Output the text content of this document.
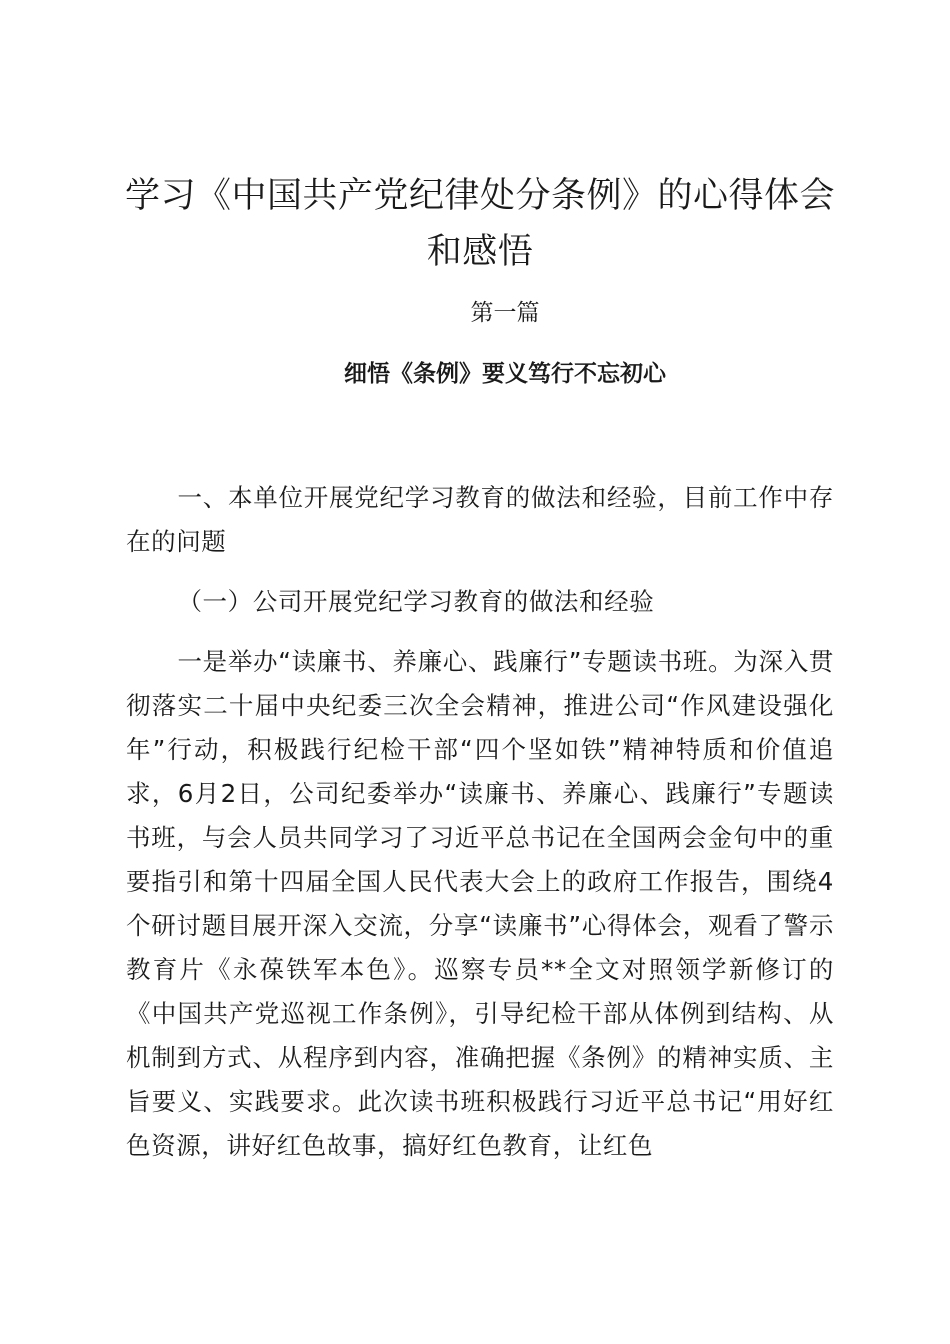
学习《中国共产党纪律处分条例》的心得体会和感悟
第一篇
细悟《条例》要义笃行不忘初心

一、本单位开展党纪学习教育的做法和经验，目前工作中存在的问题

（一）公司开展党纪学习教育的做法和经验

一是举办“读廉书、养廉心、践廉行”专题读书班。为深入贯彻落实二十届中央纪委三次全会精神，推进公司“作风建设强化年”行动，积极践行纪检干部“四个坚如铁”精神特质和价值追求，6月2日，公司纪委举办“读廉书、养廉心、践廉行”专题读书班，与会人员共同学习了习近平总书记在全国两会金句中的重要指引和第十四届全国人民代表大会上的政府工作报告，围绕4个研讨题目展开深入交流，分享“读廉书”心得体会，观看了警示教育片《永葆铁军本色》。巡察专员**全文对照领学新修订的《中国共产党巡视工作条例》，引导纪检干部从体例到结构、从机制到方式、从程序到内容，准确把握《条例》的精神实质、主旨要义、实践要求。此次读书班积极践行习近平总书记“用好红色资源，讲好红色故事，搞好红色教育，让红色
